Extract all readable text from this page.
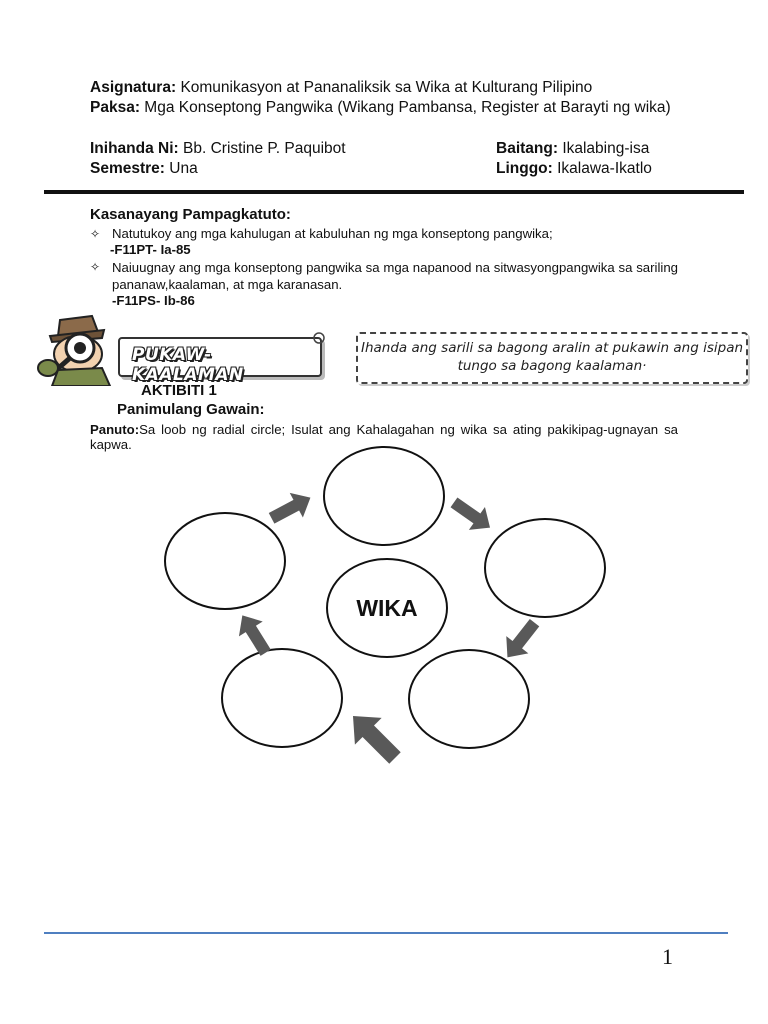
Asignatura: Komunikasyon at Pananaliksik sa Wika at Kulturang Pilipino
Paksa: Mga Konseptong Pangwika (Wikang Pambansa, Register at Barayti ng wika)
Inihanda Ni: Bb. Cristine P. Paquibot	Baitang: Ikalabing-isa
Semestre: Una	Linggo: Ikalawa-Ikatlo
Kasanayang Pampagkatuto:
✧ Natutukoy ang mga kahulugan at kabuluhan ng mga konseptong pangwika;
-F11PT- Ia-85
✧ Naiuugnay ang mga konseptong pangwika sa mga napanood na sitwasyongpangwika sa sariling pananaw,kaalaman, at mga karanasan.
-F11PS- Ib-86
PUKAW-KAALAMAN
Ihanda ang sarili sa bagong aralin at pukawin ang isipan tungo sa bagong kaalaman·
AKTIBITI 1
Panimulang Gawain:
Panuto:Sa loob ng radial circle; Isulat ang Kahalagahan ng wika sa ating pakikipag-ugnayan sa kapwa.
WIKA
1
